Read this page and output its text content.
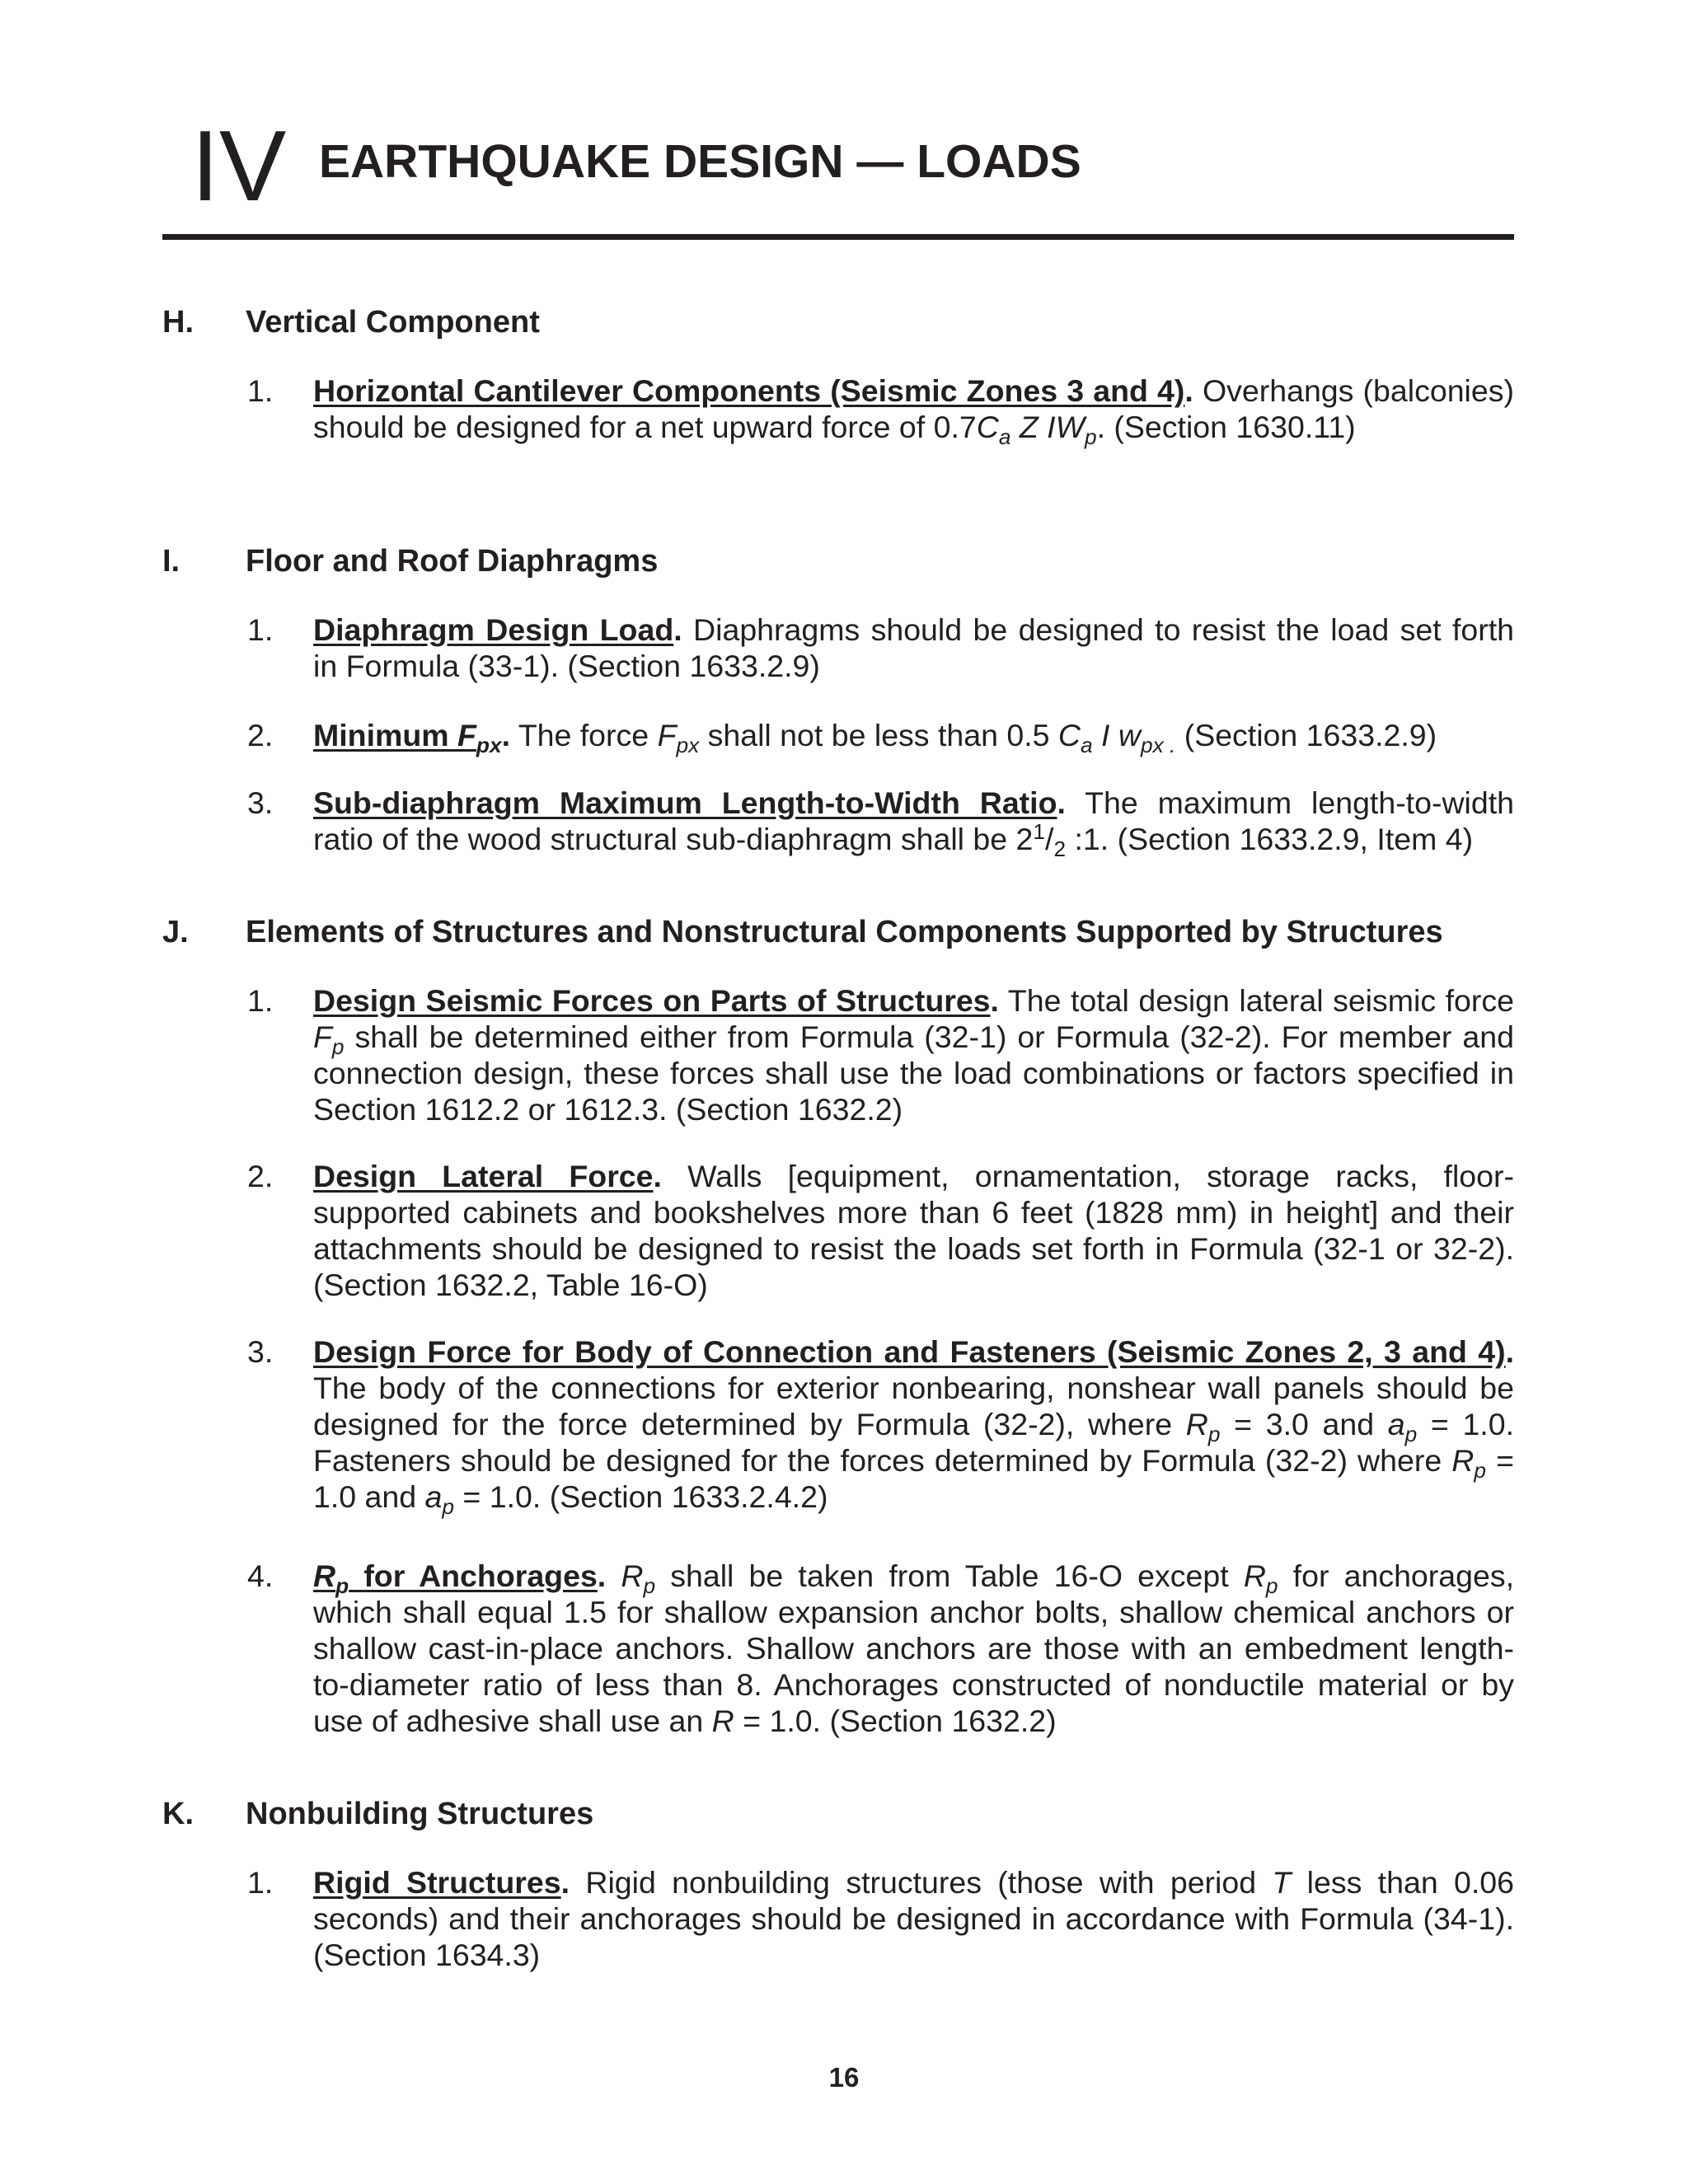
IV EARTHQUAKE DESIGN — LOADS
H. Vertical Component
1. Horizontal Cantilever Components (Seismic Zones 3 and 4). Overhangs (balconies) should be designed for a net upward force of $0.7C_a$ Z $IW_p$. (Section 1630.11)
I. Floor and Roof Diaphragms
1. Diaphragm Design Load. Diaphragms should be designed to resist the load set forth in Formula (33-1). (Section 1633.2.9)
2. Minimum $F_{px}$. The force $F_{px}$ shall not be less than 0.5 $C_a$ I $w_{px .}$ (Section 1633.2.9)
3. Sub-diaphragm Maximum Length-to-Width Ratio. The maximum length-to-width ratio of the wood structural sub-diaphragm shall be $2^1/_2$ :1. (Section 1633.2.9, Item 4)
J. Elements of Structures and Nonstructural Components Supported by Structures
1. Design Seismic Forces on Parts of Structures. The total design lateral seismic force $F_p$ shall be determined either from Formula (32-1) or Formula (32-2). For member and connection design, these forces shall use the load combinations or factors specified in Section 1612.2 or 1612.3. (Section 1632.2)
2. Design Lateral Force. Walls [equipment, ornamentation, storage racks, floor-supported cabinets and bookshelves more than 6 feet (1828 mm) in height] and their attachments should be designed to resist the loads set forth in Formula (32-1 or 32-2). (Section 1632.2, Table 16-O)
3. Design Force for Body of Connection and Fasteners (Seismic Zones 2, 3 and 4). The body of the connections for exterior nonbearing, nonshear wall panels should be designed for the force determined by Formula (32-2), where $R_p = 3.0$ and $a_p = 1.0$. Fasteners should be designed for the forces determined by Formula (32-2) where $R_p = 1.0$ and $a_p = 1.0$. (Section 1633.2.4.2)
4. $R_p$ for Anchorages. $R_p$ shall be taken from Table 16-O except $R_p$ for anchorages, which shall equal 1.5 for shallow expansion anchor bolts, shallow chemical anchors or shallow cast-in-place anchors. Shallow anchors are those with an embedment length-to-diameter ratio of less than 8. Anchorages constructed of nonductile material or by use of adhesive shall use an R = 1.0. (Section 1632.2)
K. Nonbuilding Structures
1. Rigid Structures. Rigid nonbuilding structures (those with period T less than 0.06 seconds) and their anchorages should be designed in accordance with Formula (34-1). (Section 1634.3)
16
